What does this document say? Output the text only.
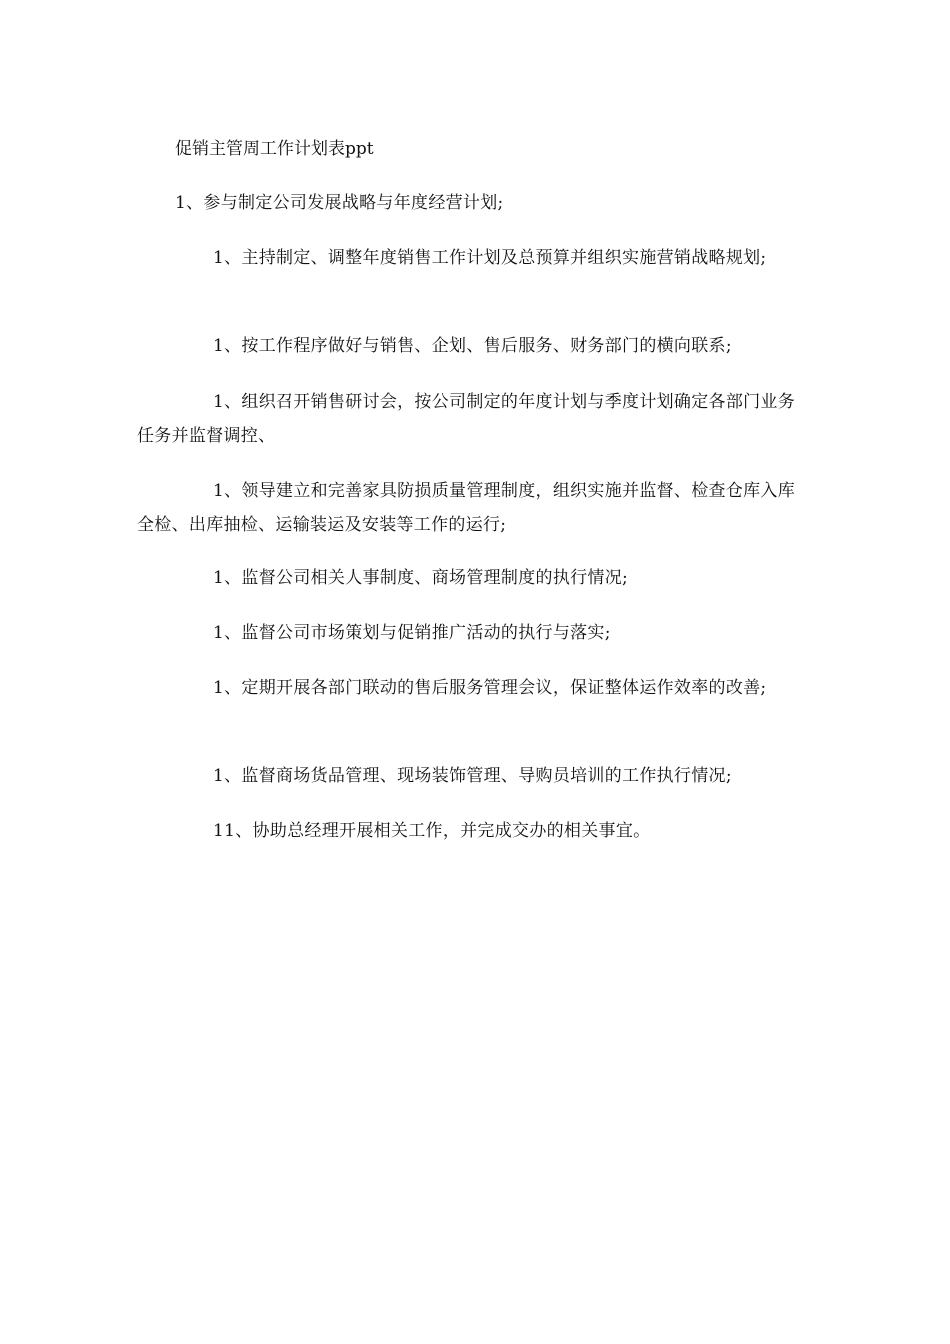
促销主管周工作计划表ppt

1、参与制定公司发展战略与年度经营计划;

1、主持制定、调整年度销售工作计划及总预算并组织实施营销战略规划;

1、按工作程序做好与销售、企划、售后服务、财务部门的横向联系;

1、组织召开销售研讨会，按公司制定的年度计划与季度计划确定各部门业务任务并监督调控、

1、领导建立和完善家具防损质量管理制度，组织实施并监督、检查仓库入库全检、出库抽检、运输装运及安装等工作的运行;

1、监督公司相关人事制度、商场管理制度的执行情况;

1、监督公司市场策划与促销推广活动的执行与落实;

1、定期开展各部门联动的售后服务管理会议，保证整体运作效率的改善;

1、监督商场货品管理、现场装饰管理、导购员培训的工作执行情况;

11、协助总经理开展相关工作，并完成交办的相关事宜。
